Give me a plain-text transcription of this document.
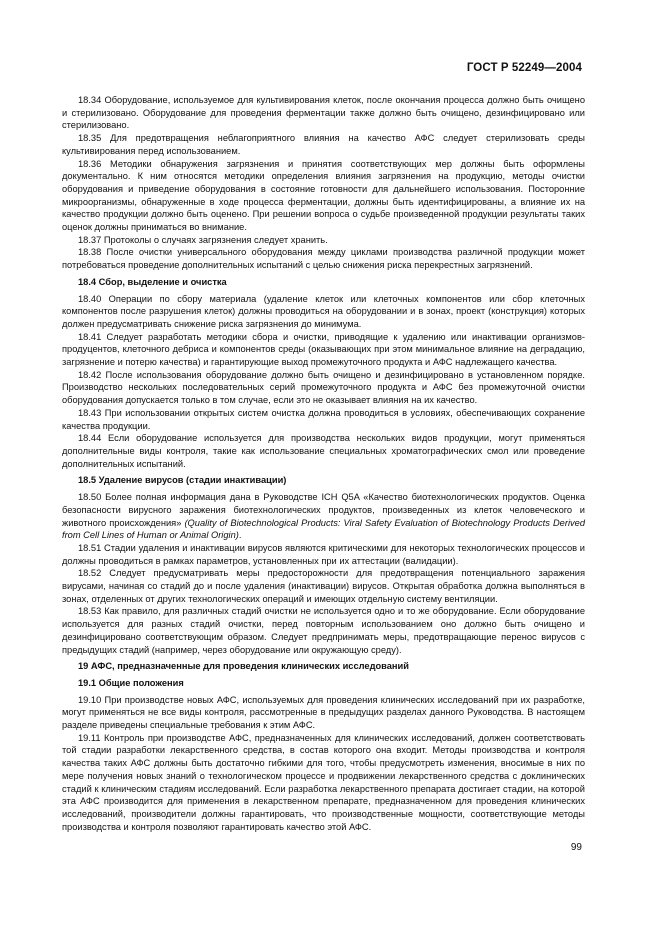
ГОСТ Р 52249—2004

18.34 Оборудование, используемое для культивирования клеток, после окончания процесса должно быть очищено и стерилизовано. Оборудование для проведения ферментации также должно быть очищено, дезинфицировано или стерилизовано.

18.35 Для предотвращения неблагоприятного влияния на качество АФС следует стерилизовать среды культивирования перед использованием.

18.36 Методики обнаружения загрязнения и принятия соответствующих мер должны быть оформлены документально. К ним относятся методики определения влияния загрязнения на продукцию, методы очистки оборудования и приведение оборудования в состояние готовности для дальнейшего использования. Посторонние микроорганизмы, обнаруженные в ходе процесса ферментации, должны быть идентифицированы, а влияние их на качество продукции должно быть оценено. При решении вопроса о судьбе произведенной продукции результаты таких оценок должны приниматься во внимание.

18.37 Протоколы о случаях загрязнения следует хранить.

18.38 После очистки универсального оборудования между циклами производства различной продукции может потребоваться проведение дополнительных испытаний с целью снижения риска перекрестных загрязнений.

18.4 Сбор, выделение и очистка

18.40 Операции по сбору материала (удаление клеток или клеточных компонентов или сбор клеточных компонентов после разрушения клеток) должны проводиться на оборудовании и в зонах, проект (конструкция) которых должен предусматривать снижение риска загрязнения до минимума.

18.41 Следует разработать методики сбора и очистки, приводящие к удалению или инактивации организмов-продуцентов, клеточного дебриса и компонентов среды (оказывающих при этом минимальное влияние на деградацию, загрязнение и потерю качества) и гарантирующие выход промежуточного продукта и АФС надлежащего качества.

18.42 После использования оборудование должно быть очищено и дезинфицировано в установленном порядке. Производство нескольких последовательных серий промежуточного продукта и АФС без промежуточной очистки оборудования допускается только в том случае, если это не оказывает влияния на их качество.

18.43 При использовании открытых систем очистка должна проводиться в условиях, обеспечивающих сохранение качества продукции.

18.44 Если оборудование используется для производства нескольких видов продукции, могут применяться дополнительные виды контроля, такие как использование специальных хроматографических смол или проведение дополнительных испытаний.

18.5 Удаление вирусов (стадии инактивации)

18.50 Более полная информация дана в Руководстве ICH Q5A «Качество биотехнологических продуктов. Оценка безопасности вирусного заражения биотехнологических продуктов, произведенных из клеток человеческого и животного происхождения» (Quality of Biotechnological Products: Viral Safety Evaluation of Biotechnology Products Derived from Cell Lines of Human or Animal Origin).

18.51 Стадии удаления и инактивации вирусов являются критическими для некоторых технологических процессов и должны проводиться в рамках параметров, установленных при их аттестации (валидации).

18.52 Следует предусматривать меры предосторожности для предотвращения потенциального заражения вирусами, начиная со стадий до и после удаления (инактивации) вирусов. Открытая обработка должна выполняться в зонах, отделенных от других технологических операций и имеющих отдельную систему вентиляции.

18.53 Как правило, для различных стадий очистки не используется одно и то же оборудование. Если оборудование используется для разных стадий очистки, перед повторным использованием оно должно быть очищено и дезинфицировано соответствующим образом. Следует предпринимать меры, предотвращающие перенос вирусов с предыдущих стадий (например, через оборудование или окружающую среду).

19 АФС, предназначенные для проведения клинических исследований
19.1 Общие положения

19.10 При производстве новых АФС, используемых для проведения клинических исследований при их разработке, могут применяться не все виды контроля, рассмотренные в предыдущих разделах данного Руководства. В настоящем разделе приведены специальные требования к этим АФС.

19.11 Контроль при производстве АФС, предназначенных для клинических исследований, должен соответствовать той стадии разработки лекарственного средства, в состав которого она входит. Методы производства и контроля качества таких АФС должны быть достаточно гибкими для того, чтобы предусмотреть изменения, вносимые в них по мере получения новых знаний о технологическом процессе и продвижении лекарственного средства с доклинических стадий к клиническим стадиям исследований. Если разработка лекарственного препарата достигает стадии, на которой эта АФС производится для применения в лекарственном препарате, предназначенном для проведения клинических исследований, производители должны гарантировать, что производственные мощности, соответствующие методы производства и контроля позволяют гарантировать качество этой АФС.

99
